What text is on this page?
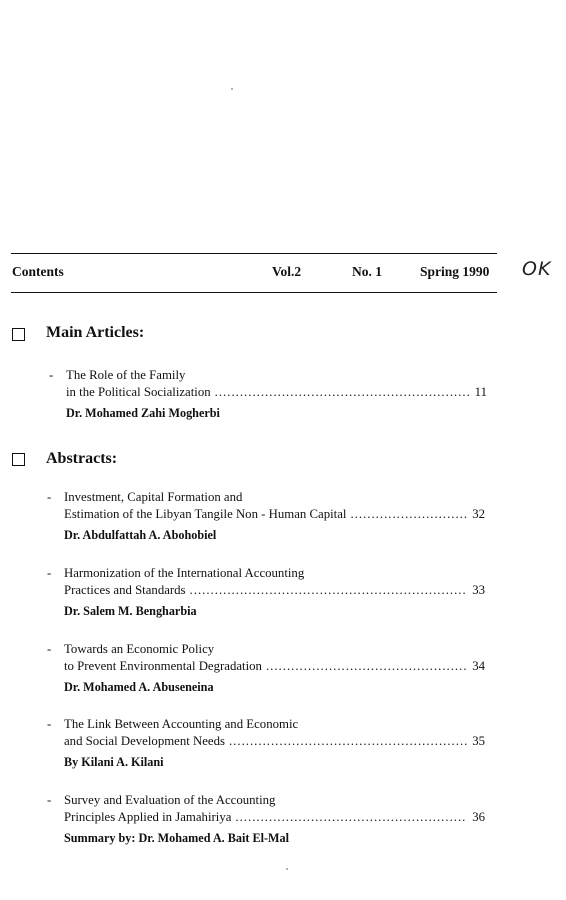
Contents	Vol.2	No. 1	Spring 1990 OK
Main Articles:
- The Role of the Family
in the Political Socialization .....	11
Dr. Mohamed Zahi Mogherbi
Abstracts:
- Investment, Capital Formation and
Estimation of the Libyan Tangile Non - Human Capital .....	32
Dr. Abdulfattah A. Abohobiel
- Harmonization of the International Accounting
Practices and Standards .....	33
Dr. Salem M. Bengharbia
- Towards an Economic Policy
to Prevent Environmental Degradation .....	34
Dr. Mohamed A. Abuseneina
- The Link Between Accounting and Economic
and Social Development Needs .....	35
By Kilani A. Kilani
- Survey and Evaluation of the Accounting
Principles Applied in Jamahiriya .....	36
Summary by: Dr. Mohamed A. Bait El-Mal
